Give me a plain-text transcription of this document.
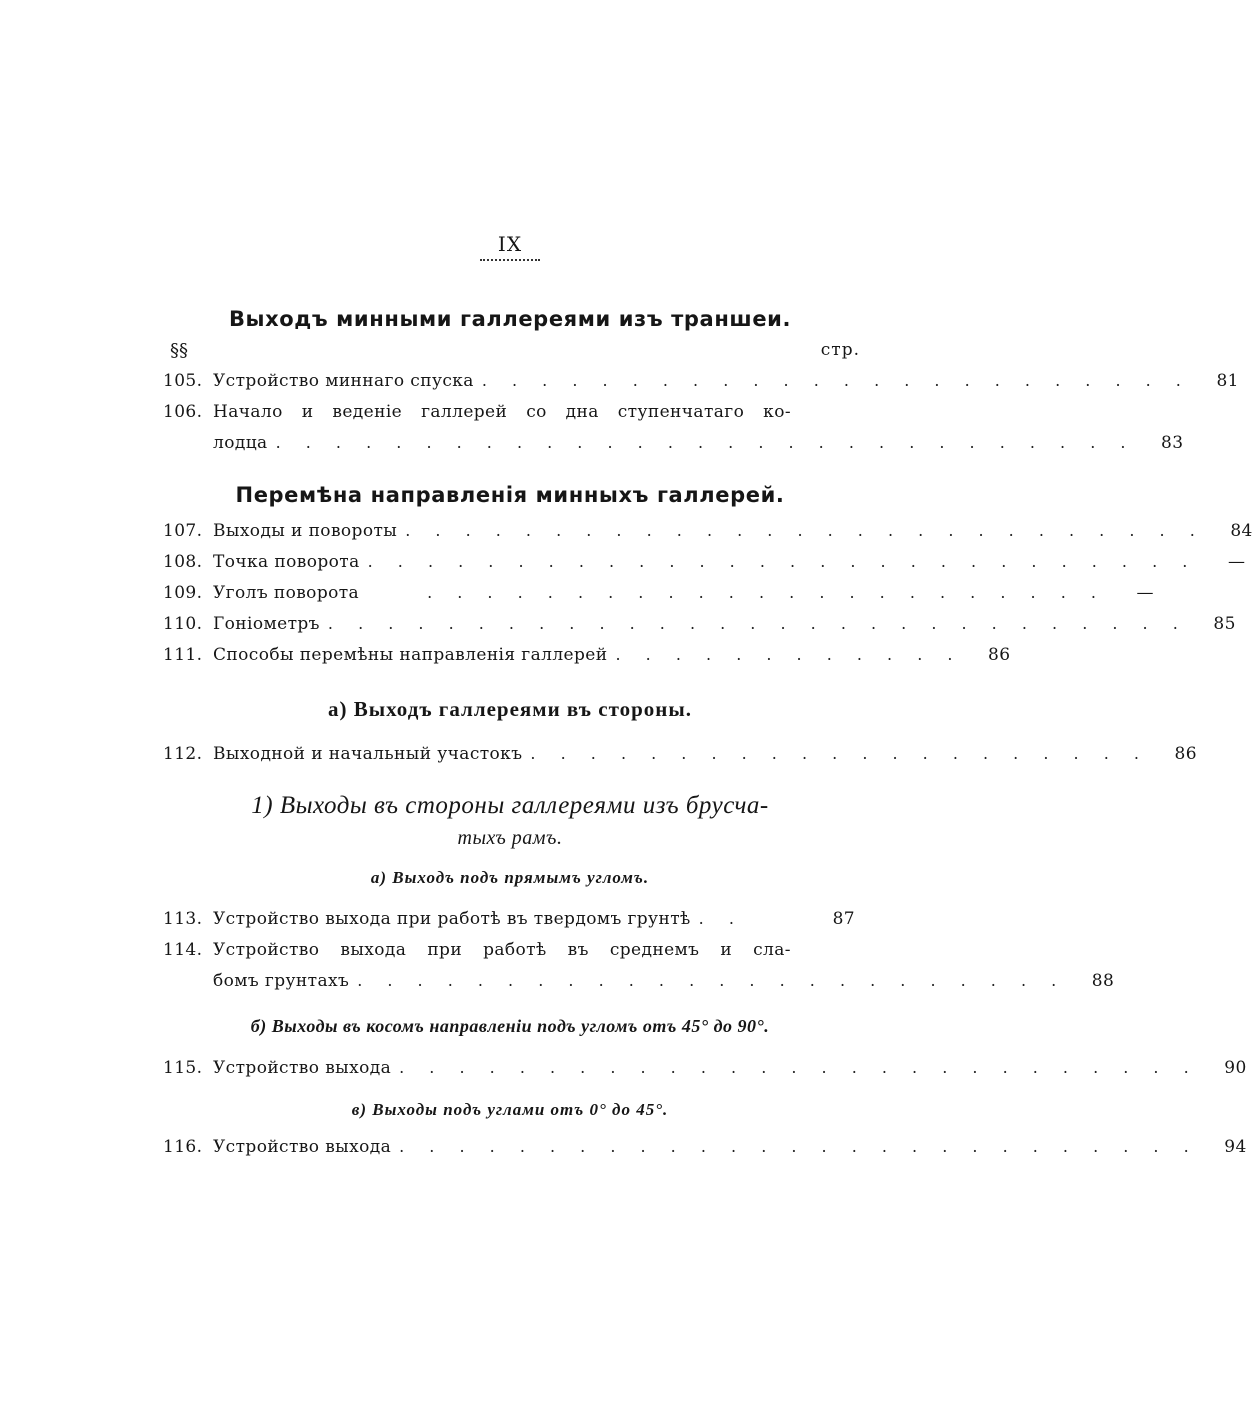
IX
Выходъ минными галлереями изъ траншеи.
§§	стр.
105. Устройство миннаго спуска . . . . . . . . . . . . . . . . . . . . . . . . 81
106. Начало и веденіе галлерей со дна ступенчатаго ко-
лодца . . . . . . . . . . . . . . . . . . . . . . . . . . . . . 83
Перемѣна направленія минныхъ галлерей.
107. Выходы и повороты . . . . . . . . . . . . . . . . . . . . . . . . . . . 84
108. Точка поворота . . . . . . . . . . . . . . . . . . . . . . . . . . . .	—
109. Уголъ поворота	. . . . . . . . . . . . . . . . . . . . . . .	—
110. Гоніометръ . . . . . . . . . . . . . . . . . . . . . . . . . . . . . 85
111. Способы перемѣны направленія галлерей . . . . . . . . . . . . 86
а) Выходъ галлереями въ стороны.
112. Выходной и начальный участокъ . . . . . . . . . . . . . . . . . . . . . 86
1) Выходы въ стороны галлереями изъ брусча-
тыхъ рамъ.
а) Выходъ подъ прямымъ угломъ.
113. Устройство выхода при работѣ въ твердомъ грунтѣ . .	87
114. Устройство выхода при работѣ въ среднемъ и сла-
бомъ грунтахъ . . . . . . . . . . . . . . . . . . . . . . . . 88
б) Выходы въ косомъ направленіи подъ угломъ отъ 45° до 90°.
115. Устройство выхода . . . . . . . . . . . . . . . . . . . . . . . . . . . 90
в) Выходы подъ углами отъ 0° до 45°.
116. Устройство выхода . . . . . . . . . . . . . . . . . . . . . . . . . . . 94
